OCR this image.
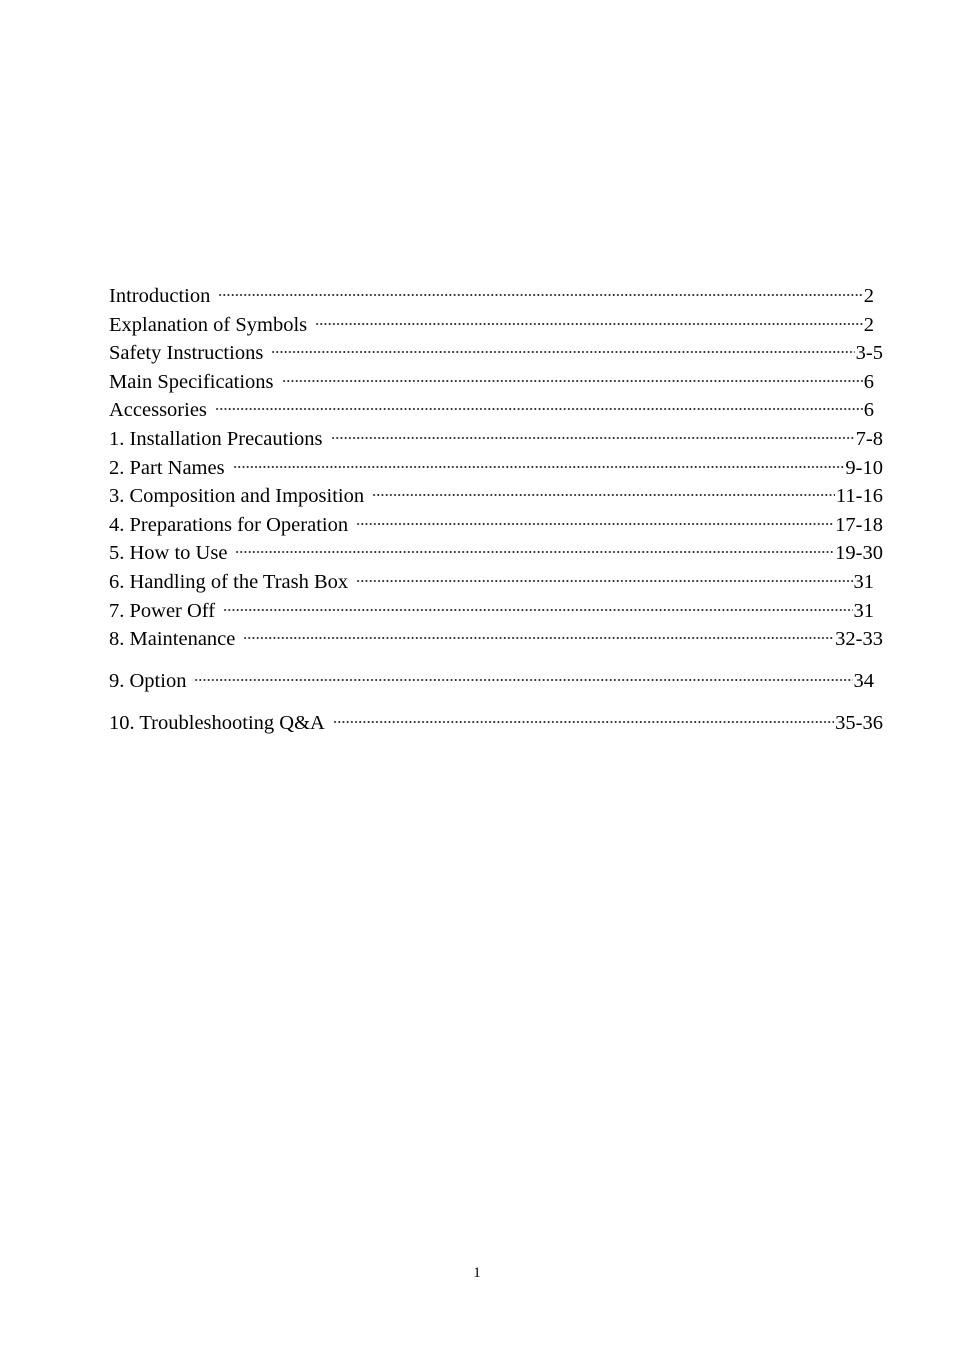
Introduction	2
Explanation of Symbols	2
Safety Instructions	3-5
Main Specifications	6
Accessories	6
1. Installation Precautions	7-8
2. Part Names	9-10
3. Composition and Imposition	11-16
4. Preparations for Operation	17-18
5. How to Use	19-30
6. Handling of the Trash Box	31
7. Power Off	31
8. Maintenance	32-33
9. Option	34
10. Troubleshooting Q&A	35-36
1
